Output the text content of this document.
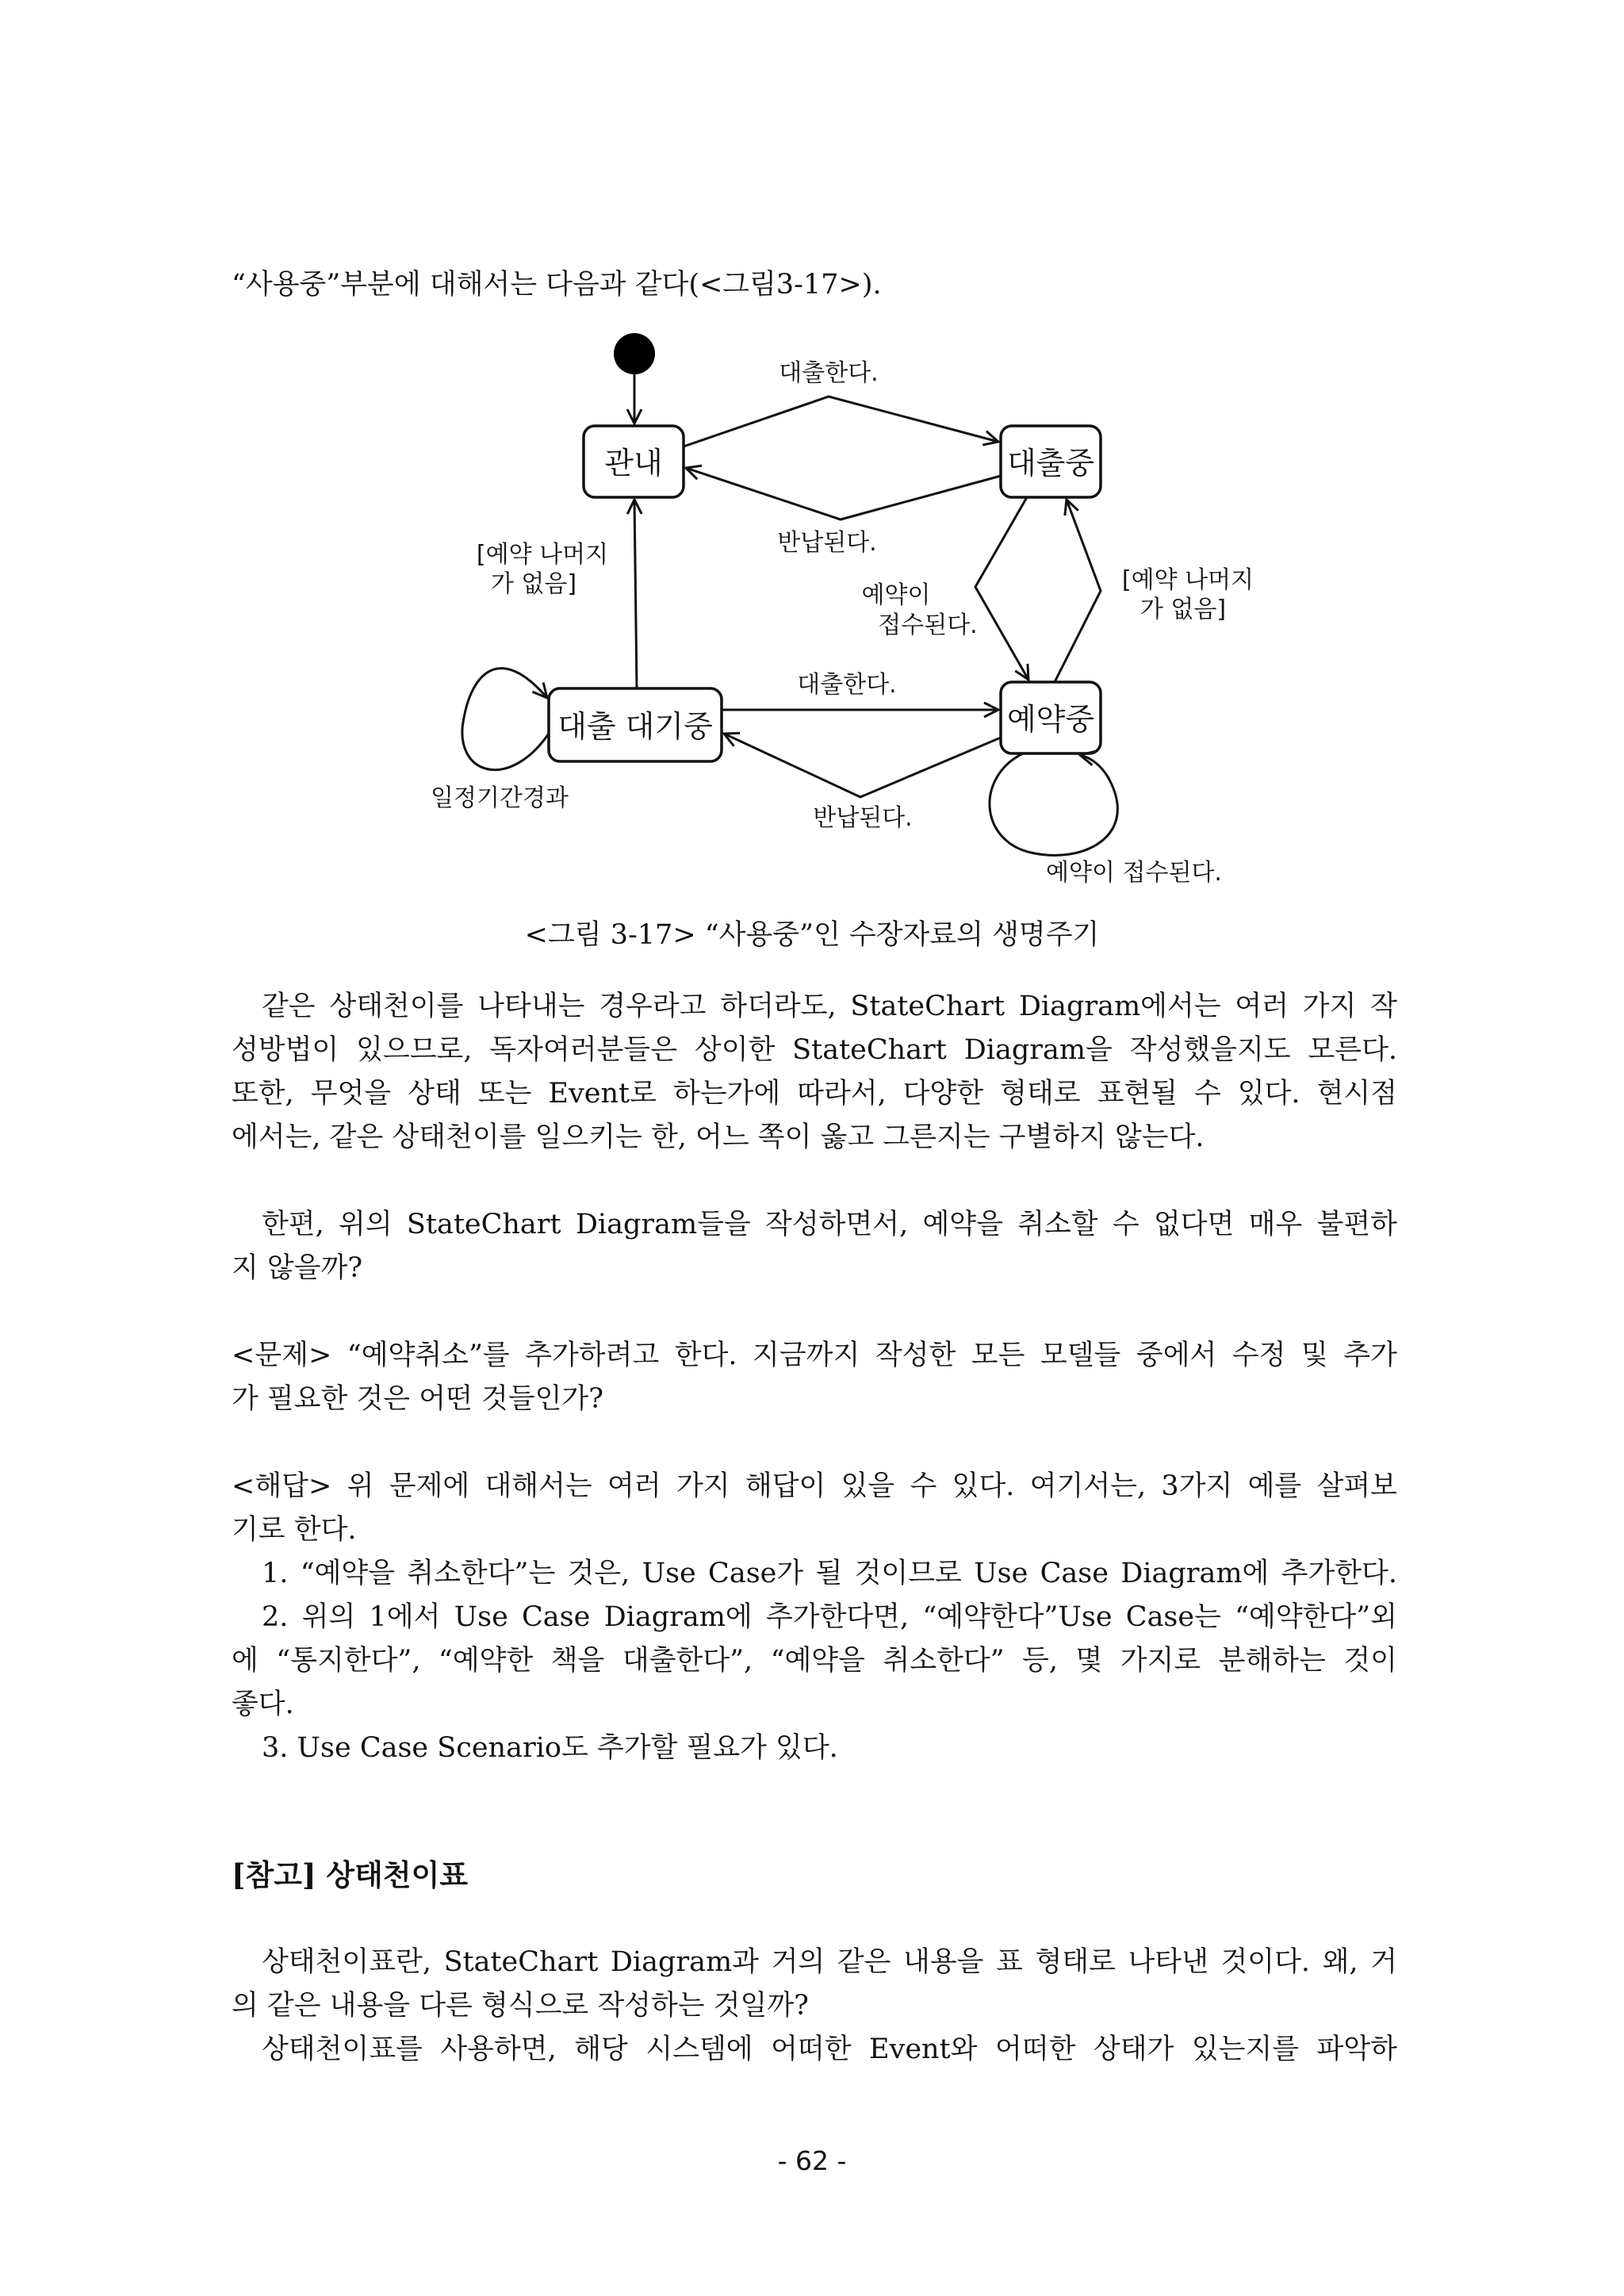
“사용중”부분에 대해서는 다음과 같다(<그림3-17>).
관내	대출중
대출 대기중	예약중
대출한다.
반납된다.
예약이
접수된다.
[예약 나머지
가 없음]
[예약 나머지
가 없음]
대출한다.
반납된다.
일정기간경과
예약이 접수된다.
<그림 3-17> “사용중”인 수장자료의 생명주기
같은 상태천이를 나타내는 경우라고 하더라도, StateChart Diagram에서는 여러 가지 작
성방법이 있으므로, 독자여러분들은 상이한 StateChart Diagram을 작성했을지도 모른다.
또한, 무엇을 상태 또는 Event로 하는가에 따라서, 다양한 형태로 표현될 수 있다. 현시점
에서는, 같은 상태천이를 일으키는 한, 어느 쪽이 옳고 그른지는 구별하지 않는다.
한편, 위의 StateChart Diagram들을 작성하면서, 예약을 취소할 수 없다면 매우 불편하
지 않을까?
<문제> “예약취소”를 추가하려고 한다. 지금까지 작성한 모든 모델들 중에서 수정 및 추가
가 필요한 것은 어떤 것들인가?
<해답> 위 문제에 대해서는 여러 가지 해답이 있을 수 있다. 여기서는, 3가지 예를 살펴보
기로 한다.
1. “예약을 취소한다”는 것은, Use Case가 될 것이므로 Use Case Diagram에 추가한다.
2. 위의 1에서 Use Case Diagram에 추가한다면, “예약한다”Use Case는 “예약한다”외
에 “통지한다”, “예약한 책을 대출한다”, “예약을 취소한다” 등, 몇 가지로 분해하는 것이
좋다.
3. Use Case Scenario도 추가할 필요가 있다.
[참고] 상태천이표
상태천이표란, StateChart Diagram과 거의 같은 내용을 표 형태로 나타낸 것이다. 왜, 거
의 같은 내용을 다른 형식으로 작성하는 것일까?
상태천이표를 사용하면, 해당 시스템에 어떠한 Event와 어떠한 상태가 있는지를 파악하
- 62 -
